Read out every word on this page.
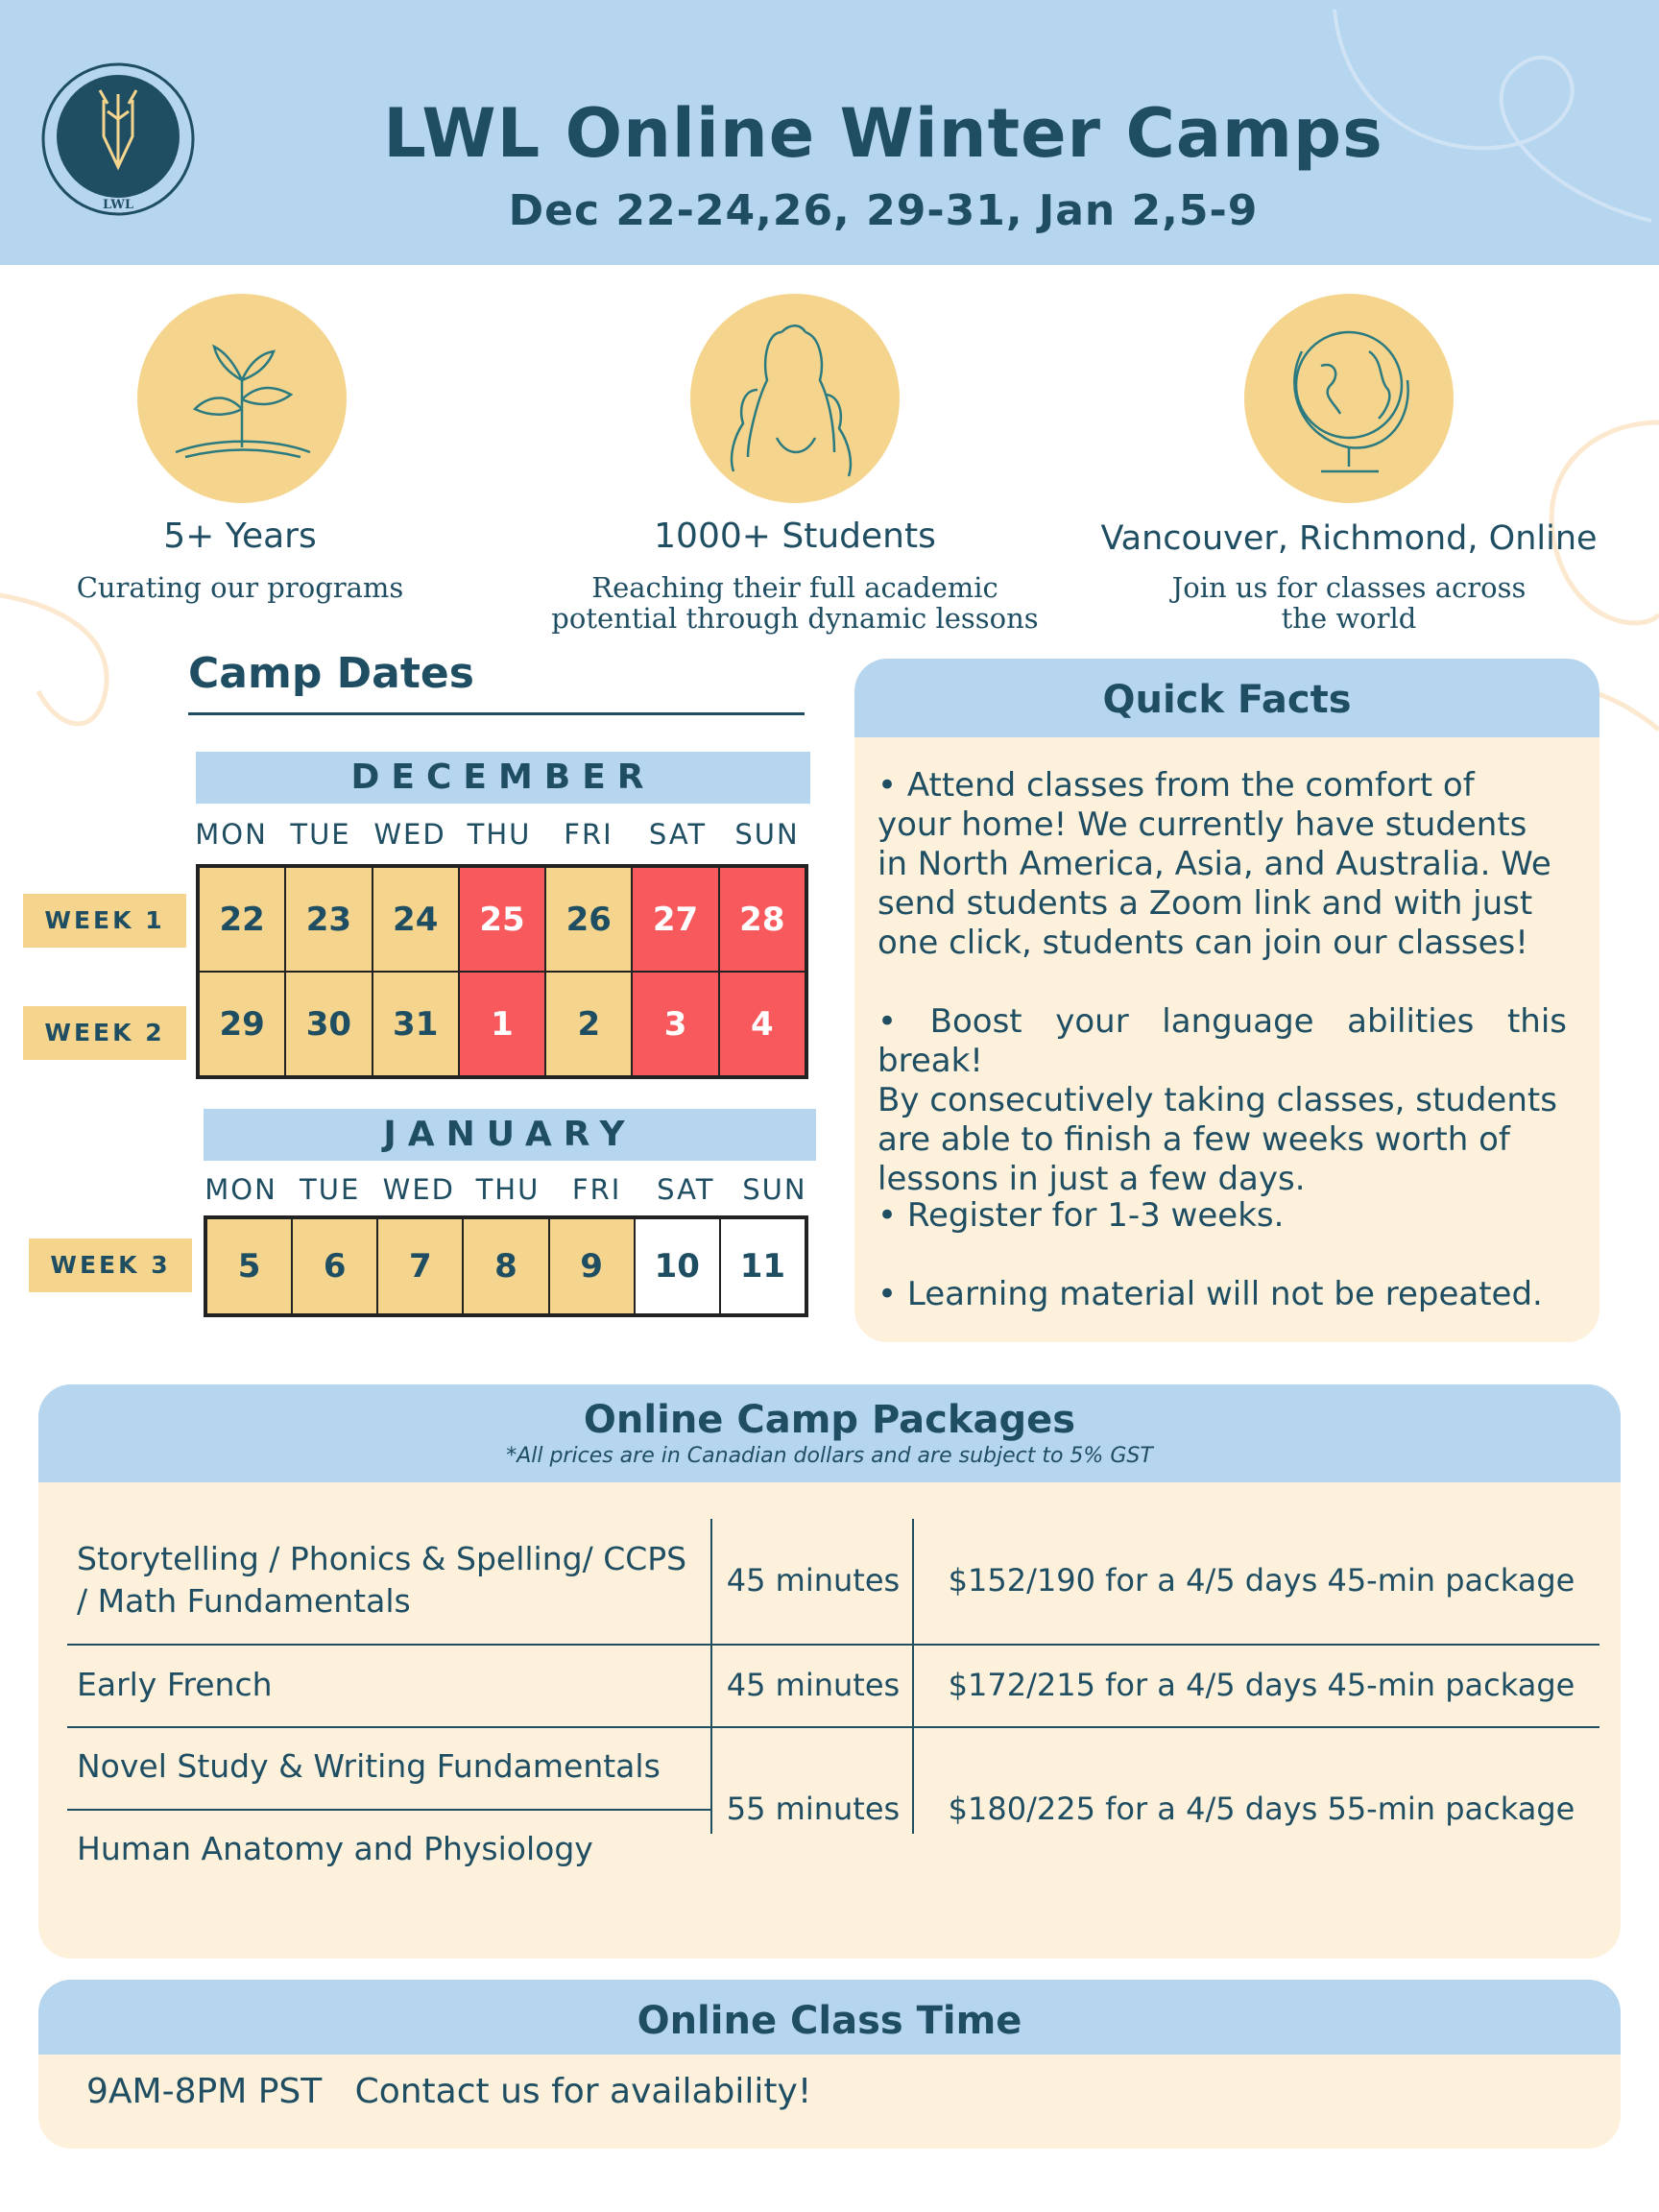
LWL
LWL Online Winter Camps
Dec 22-24,26, 29-31, Jan 2,5-9
5+ Years
Curating our programs
1000+ Students
Reaching their full academic
potential through dynamic lessons
Vancouver, Richmond, Online
Join us for classes across
the world
Camp Dates
DECEMBER
MON TUE WED THU	FRI	SAT	SUN
WEEK 1
WEEK 2
22	23	24	25	26	27	28
29	30	31	1	2	3	4
JANUARY
MON TUE WED THU	FRI	SAT SUN
WEEK 3	5	6	7	8	9	10	11
Quick Facts
• Attend classes from the comfort of
your home! We currently have students
in North America, Asia, and Australia. We
send students a Zoom link and with just
one click, students can join our classes!
• Boost your language abilities this break!
By consecutively taking classes, students
are able to finish a few weeks worth of
lessons in just a few days.
• Register for 1-3 weeks.
• Learning material will not be repeated.
Online Camp Packages
*All prices are in Canadian dollars and are subject to 5% GST
Storytelling / Phonics & Spelling/ CCPS
/ Math Fundamentals
45 minutes	$152/190 for a 4/5 days 45-min package
Early French	45 minutes	$172/215 for a 4/5 days 45-min package
Novel Study & Writing Fundamentals
Human Anatomy and Physiology
55 minutes	$180/225 for a 4/5 days 55-min package
Online Class Time
9AM-8PM PST   Contact us for availability!
